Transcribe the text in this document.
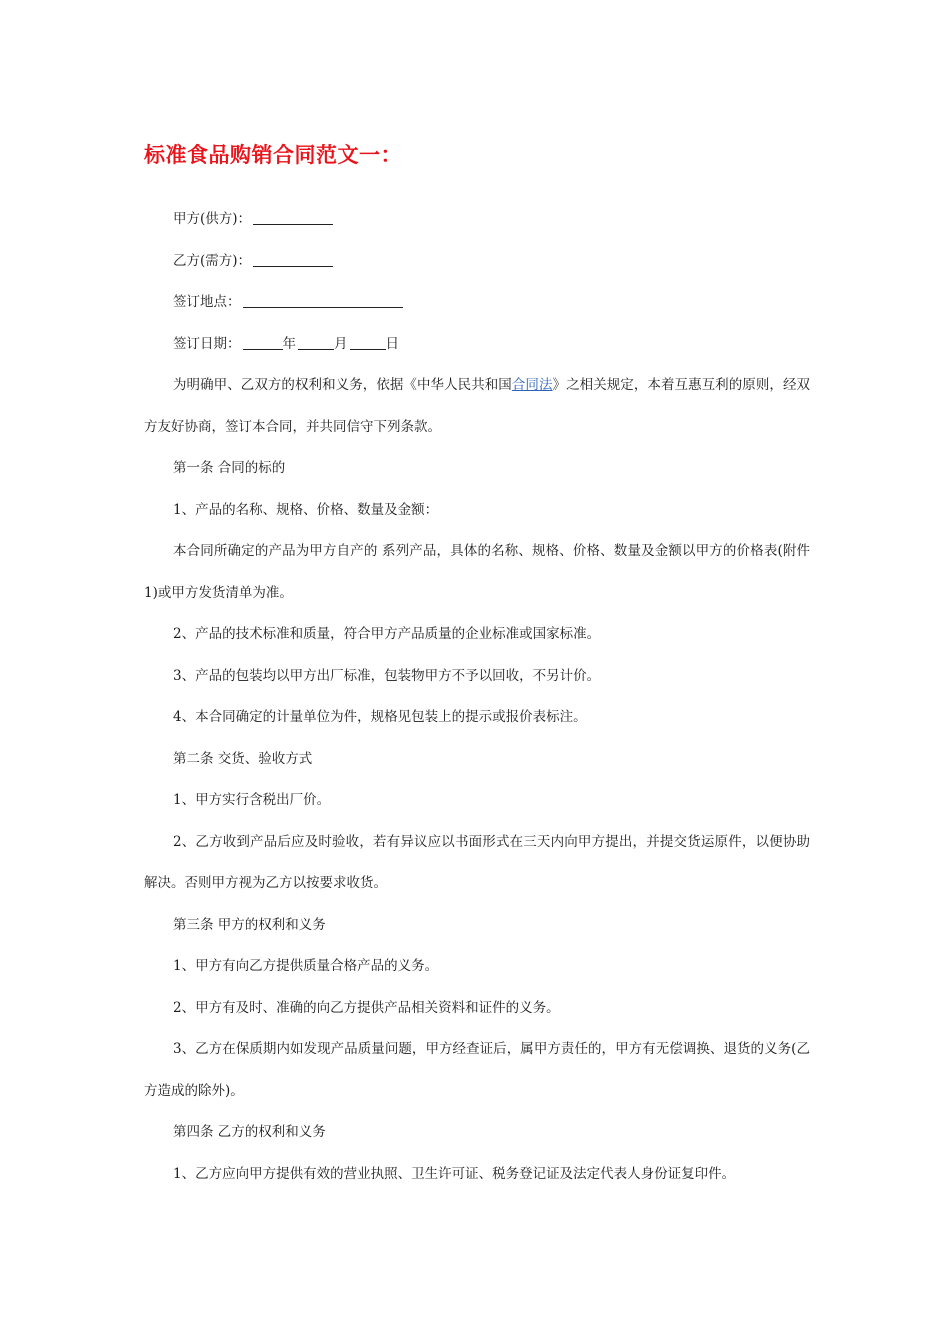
标准食品购销合同范文一：

甲方(供方)：

乙方(需方)：

签订地点：

签订日期：	年	月	日

为明确甲、乙双方的权利和义务，依据《中华人民共和国合同法》之相关规定，本着互惠互利的原则，经双方友好协商，签订本合同，并共同信守下列条款。

第一条 合同的标的

1、产品的名称、规格、价格、数量及金额：

本合同所确定的产品为甲方自产的 系列产品，具体的名称、规格、价格、数量及金额以甲方的价格表(附件 1)或甲方发货清单为准。

2、产品的技术标准和质量，符合甲方产品质量的企业标准或国家标准。

3、产品的包装均以甲方出厂标准，包装物甲方不予以回收，不另计价。

4、本合同确定的计量单位为件，规格见包装上的提示或报价表标注。

第二条 交货、验收方式

1、甲方实行含税出厂价。

2、乙方收到产品后应及时验收，若有异议应以书面形式在三天内向甲方提出，并提交货运原件，以便协助解决。否则甲方视为乙方以按要求收货。

第三条 甲方的权利和义务

1、甲方有向乙方提供质量合格产品的义务。

2、甲方有及时、准确的向乙方提供产品相关资料和证件的义务。

3、乙方在保质期内如发现产品质量问题，甲方经查证后，属甲方责任的，甲方有无偿调换、退货的义务(乙方造成的除外)。

第四条 乙方的权利和义务

1、乙方应向甲方提供有效的营业执照、卫生许可证、税务登记证及法定代表人身份证复印件。
